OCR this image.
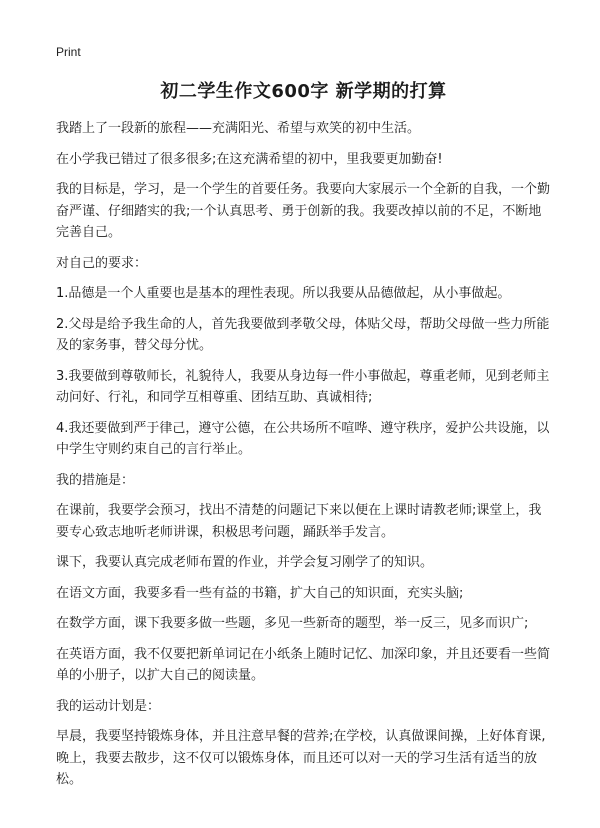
Print
初二学生作文600字 新学期的打算

我踏上了一段新的旅程——充满阳光、希望与欢笑的初中生活。

在小学我已错过了很多很多;在这充满希望的初中，里我要更加勤奋!

我的目标是，学习，是一个学生的首要任务。我要向大家展示一个全新的自我，一个勤奋严谨、仔细踏实的我;一个认真思考、勇于创新的我。我要改掉以前的不足，不断地完善自己。

对自己的要求：

1.品德是一个人重要也是基本的理性表现。所以我要从品德做起，从小事做起。

2.父母是给予我生命的人，首先我要做到孝敬父母，体贴父母，帮助父母做一些力所能及的家务事，替父母分忧。

3.我要做到尊敬师长，礼貌待人，我要从身边每一件小事做起，尊重老师，见到老师主动问好、行礼，和同学互相尊重、团结互助、真诚相待;

4.我还要做到严于律己，遵守公德，在公共场所不喧哗、遵守秩序，爱护公共设施，以中学生守则约束自己的言行举止。

我的措施是：

在课前，我要学会预习，找出不清楚的问题记下来以便在上课时请教老师;课堂上，我要专心致志地听老师讲课，积极思考问题，踊跃举手发言。

课下，我要认真完成老师布置的作业，并学会复习刚学了的知识。

在语文方面，我要多看一些有益的书籍，扩大自己的知识面，充实头脑;

在数学方面，课下我要多做一些题，多见一些新奇的题型，举一反三，见多而识广;

在英语方面，我不仅要把新单词记在小纸条上随时记忆、加深印象，并且还要看一些简单的小册子，以扩大自己的阅读量。

我的运动计划是：

早晨，我要坚持锻炼身体，并且注意早餐的营养;在学校，认真做课间操，上好体育课,晚上，我要去散步，这不仅可以锻炼身体，而且还可以对一天的学习生活有适当的放松。
